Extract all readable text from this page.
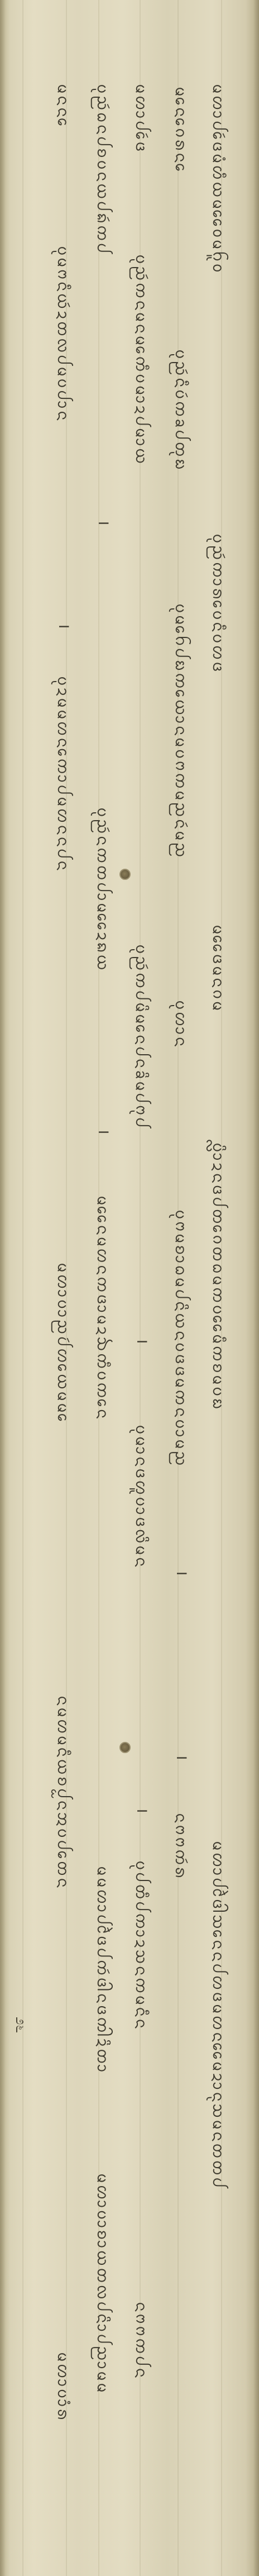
ᨾᩉᩣᨸᩮᩢᨴᨾᩴᩉᩥᨿᨾᩯᩅᨾᨤᩪᩅ
ᨷᩩᨬᩢᨠᩣᩁᩮᨷᨶᩥᨷᩉᨴ
ᨾᩯᨴᨾᨶᨣᨾ
ᨷᩖᩦᩣᨯᨶᨴᨸᨲᩮᨣᨲᨵᨾᨠᨷᩯᨾᩥᨠᨧᨾᨷᨭ
ᨾᩉᩣᨸᩱᩢᨴᩤᩈᩮᨶᨶᨸᩉᨴᨾᩉᨶᩯᨾᨯᩣᨶᩩᩈᨾᨶᨲᨲᨸ
ᨾᩮᨶᩮᨣᩁᨶᩮ
ᨷᩩᨬᩢᨶᩥᨷᩢᨠᨡᨸᨲᩩᨭ
ᨷᩩᨾᩮᨤᨸᨭᨠᩮᨿᩣᨶᨾᨷᨻᨠᨾᨬᨶᩢᨾᨬ
ᨷᩩᩉᩣᨶ
ᨷᩩᨻᨾᨧᩣᨵᨾᨸᨶᩦᨿᨶᨷᨴᨴᨾᨠᨶᨷᩣᨾᨬ
ᨶᨻᨻᨠᩢᩁ
।
।
ᨾᩉᩣᨸᩮᩢᨴ
ᨷᩩᨬᩢᨠᨶᨾᨶᨾᩮᨠᩥᨷᨾᩣᨯᨸᨾᩣᨿ
ᨷᩩᨬᩢᨠᨸᨾᩦᨾᩮᨶᨸᨶᨡᩦᨾᨸᨻᩩᨸ
ᨷᩩᨾᩣᨶᨴᩉᩪᨷᩣᨴᩃᩦᨾᨶ
ᨷᩩᨸᨲᩥᨸᨠᩣᨯᩈᨶᨠᨾᨶᩥᨶ
ᨶᨻᨻᨠᨸᨶ
।
।
ᨷᩩᨬᩢᨵᨶᨸᨧᨷᨶᨿᨸᨦᩢᨠᨸ
ᨷᩩᨬᩢᨶᨠᨲᨸᩣᨾᩯᨯᨦᨿ
ᨾᩯᨶᨾᩉᨶᨠᨴᩣᨾᨯᨨᨠᩥᨷᨠᩮᨶ
ᨾᨾᩉᩣᨸᩱᩢᨴᨸᨠᩢᨴᩤᨶᨴᨠᩤᨯᩦᨲᩣ
ᨾᩉᩣᨷᩣᨧᩣᨿᨲᩃᨸᨶᩦᩣᨸᨬᩣᨾᨾ
।
।
ᨾᨶᨶᩮ
ᨷᩩᨾᨻᨶᩥᨿᩢᨯᨲᩃᨸᨾᨷᨸᩣᨶ
ᨷᩩᨯᨾᨾᩉᨶᩮᨠᩣᨸᨾᩉᨶᨶᨸᨶ
ᨾᩉᩣᨷᩣᨬᨸᩢᩉᩮᨿᨾᨾᩮ
ᨶᨾᩉᨾᨶᩥᨿᨧᨸᩬᨶᩋᨷᨸᩮᨲᨶ
ᨾᩉᩣᨷᩣᩴᩁ
।
೨೬
